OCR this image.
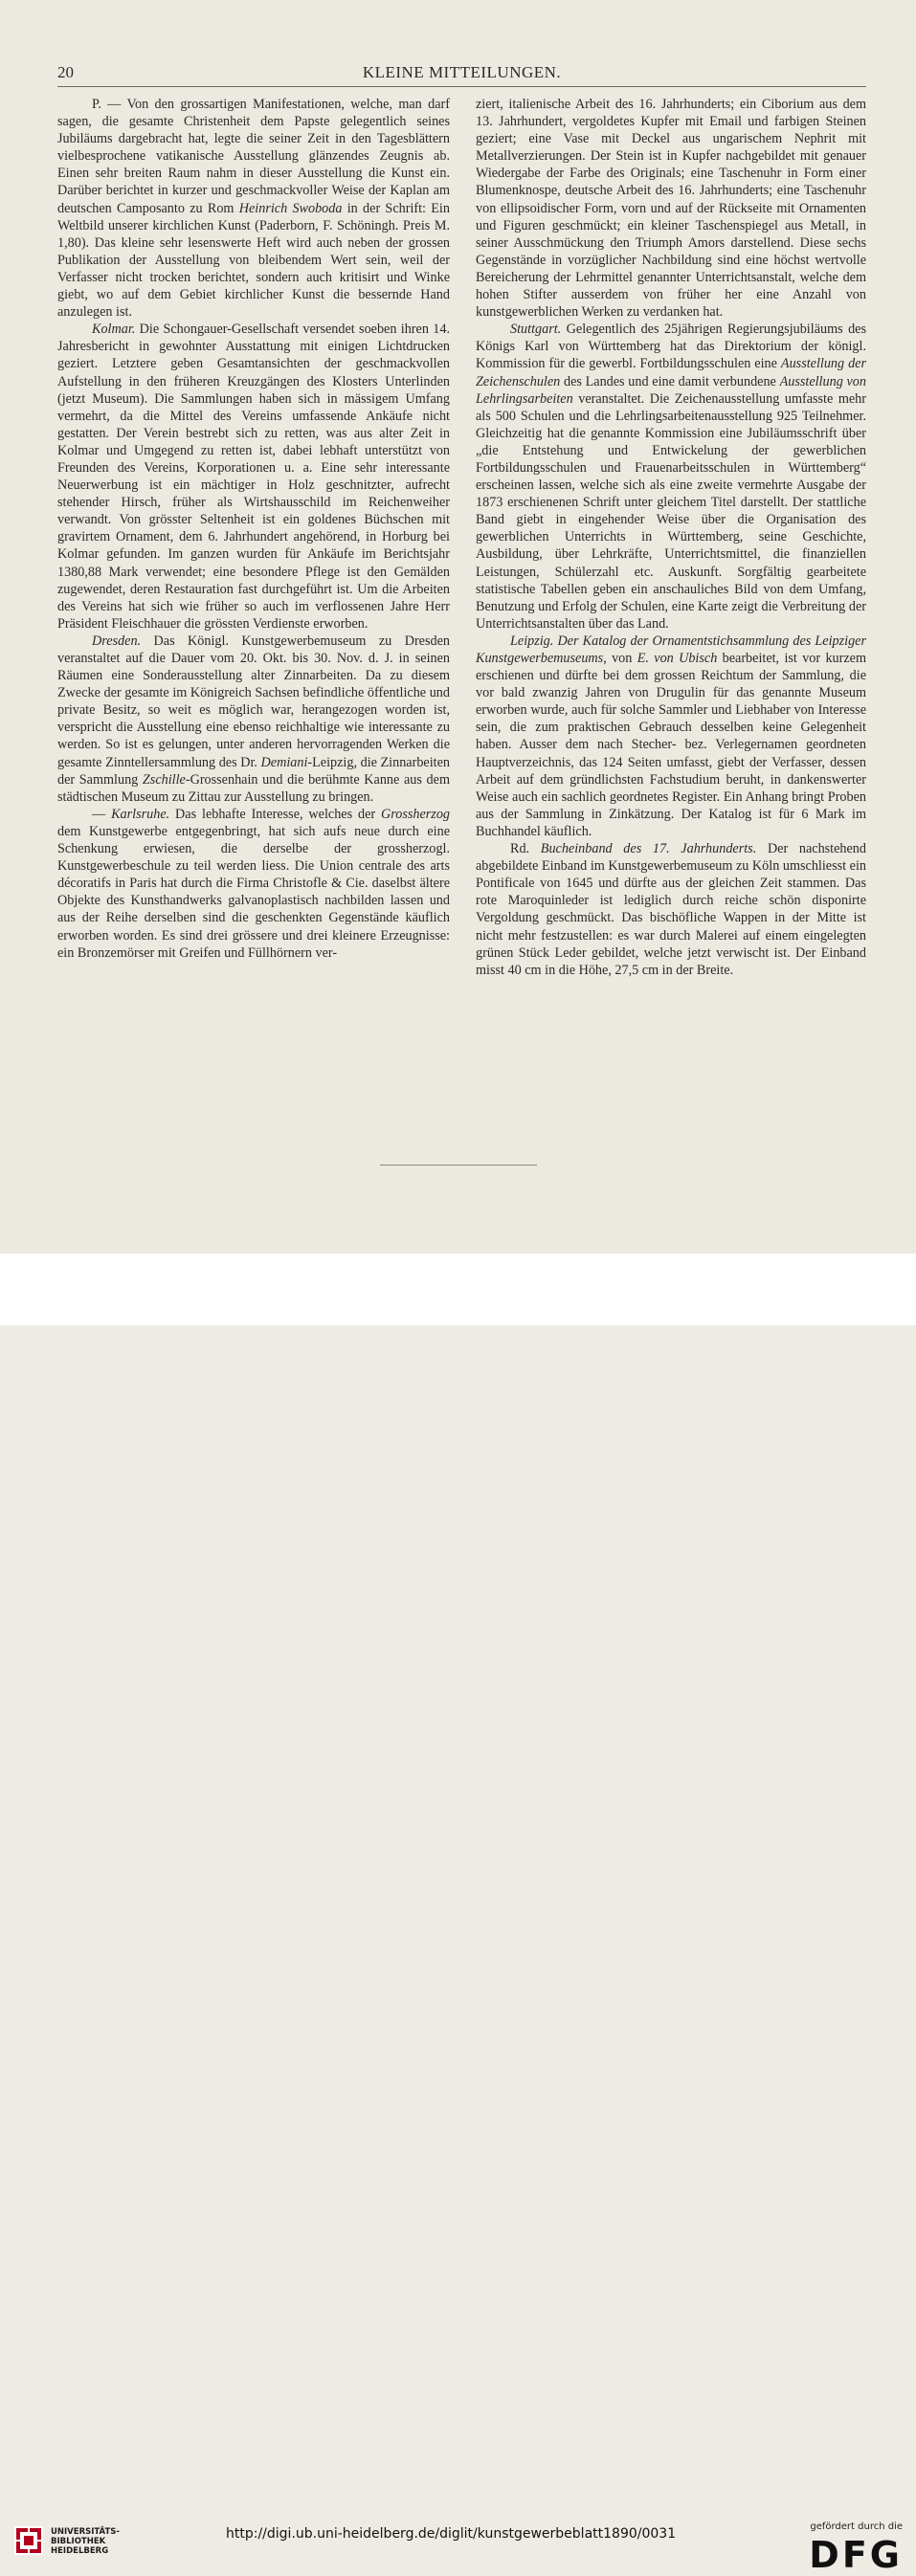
20	KLEINE MITTEILUNGEN.

P. — Von den grossartigen Manifestationen, welche, man darf sagen, die gesamte Christenheit dem Papste gelegentlich seines Jubiläums dargebracht hat, legte die seiner Zeit in den Tagesblättern vielbesprochene vatikanische Ausstellung glänzendes Zeugnis ab. Einen sehr breiten Raum nahm in dieser Ausstellung die Kunst ein. Darüber berichtet in kurzer und geschmackvoller Weise der Kaplan am deutschen Camposanto zu Rom Heinrich Swoboda in der Schrift: Ein Weltbild unserer kirchlichen Kunst (Paderborn, F. Schöningh. Preis M. 1,80). Das kleine sehr lesenswerte Heft wird auch neben der grossen Publikation der Ausstellung von bleibendem Wert sein, weil der Verfasser nicht trocken berichtet, sondern auch kritisirt und Winke giebt, wo auf dem Gebiet kirchlicher Kunst die bessernde Hand anzulegen ist.

Kolmar. Die Schongauer-Gesellschaft versendet soeben ihren 14. Jahresbericht in gewohnter Ausstattung mit einigen Lichtdrucken geziert. Letztere geben Gesamtansichten der geschmackvollen Aufstellung in den früheren Kreuzgängen des Klosters Unterlinden (jetzt Museum). Die Sammlungen haben sich in mässigem Umfang vermehrt, da die Mittel des Vereins umfassende Ankäufe nicht gestatten. Der Verein bestrebt sich zu retten, was aus alter Zeit in Kolmar und Umgegend zu retten ist, dabei lebhaft unterstützt von Freunden des Vereins, Korporationen u. a. Eine sehr interessante Neuerwerbung ist ein mächtiger in Holz geschnitzter, aufrecht stehender Hirsch, früher als Wirtshausschild im Reichenweiher verwandt. Von grösster Seltenheit ist ein goldenes Büchschen mit gravirtem Ornament, dem 6. Jahrhundert angehörend, in Horburg bei Kolmar gefunden. Im ganzen wurden für Ankäufe im Berichtsjahr 1380,88 Mark verwendet; eine besondere Pflege ist den Gemälden zugewendet, deren Restauration fast durchgeführt ist. Um die Arbeiten des Vereins hat sich wie früher so auch im verflossenen Jahre Herr Präsident Fleischhauer die grössten Verdienste erworben.

Dresden. Das Königl. Kunstgewerbemuseum zu Dresden veranstaltet auf die Dauer vom 20. Okt. bis 30. Nov. d. J. in seinen Räumen eine Sonderausstellung alter Zinnarbeiten. Da zu diesem Zwecke der gesamte im Königreich Sachsen befindliche öffentliche und private Besitz, so weit es möglich war, herangezogen worden ist, verspricht die Ausstellung eine ebenso reichhaltige wie interessante zu werden. So ist es gelungen, unter anderen hervorragenden Werken die gesamte Zinntellersammlung des Dr. Demiani-Leipzig, die Zinnarbeiten der Sammlung Zschille-Grossenhain und die berühmte Kanne aus dem städtischen Museum zu Zittau zur Ausstellung zu bringen.

— Karlsruhe. Das lebhafte Interesse, welches der Grossherzog dem Kunstgewerbe entgegenbringt, hat sich aufs neue durch eine Schenkung erwiesen, die derselbe der grossherzogl. Kunstgewerbeschule zu teil werden liess. Die Union centrale des arts décoratifs in Paris hat durch die Firma Christofle & Cie. daselbst ältere Objekte des Kunsthandwerks galvanoplastisch nachbilden lassen und aus der Reihe derselben sind die geschenkten Gegenstände käuflich erworben worden. Es sind drei grössere und drei kleinere Erzeugnisse: ein Bronzemörser mit Greifen und Füllhörnern ver-

ziert, italienische Arbeit des 16. Jahrhunderts; ein Ciborium aus dem 13. Jahrhundert, vergoldetes Kupfer mit Email und farbigen Steinen geziert; eine Vase mit Deckel aus ungarischem Nephrit mit Metallverzierungen. Der Stein ist in Kupfer nachgebildet mit genauer Wiedergabe der Farbe des Originals; eine Taschenuhr in Form einer Blumenknospe, deutsche Arbeit des 16. Jahrhunderts; eine Taschenuhr von ellipsoidischer Form, vorn und auf der Rückseite mit Ornamenten und Figuren geschmückt; ein kleiner Taschenspiegel aus Metall, in seiner Ausschmückung den Triumph Amors darstellend. Diese sechs Gegenstände in vorzüglicher Nachbildung sind eine höchst wertvolle Bereicherung der Lehrmittel genannter Unterrichtsanstalt, welche dem hohen Stifter ausserdem von früher her eine Anzahl von kunstgewerblichen Werken zu verdanken hat.

Stuttgart. Gelegentlich des 25jährigen Regierungsjubiläums des Königs Karl von Württemberg hat das Direktorium der königl. Kommission für die gewerbl. Fortbildungsschulen eine Ausstellung der Zeichenschulen des Landes und eine damit verbundene Ausstellung von Lehrlingsarbeiten veranstaltet. Die Zeichenausstellung umfasste mehr als 500 Schulen und die Lehrlingsarbeitenausstellung 925 Teilnehmer. Gleichzeitig hat die genannte Kommission eine Jubiläumsschrift über „die Entstehung und Entwickelung der gewerblichen Fortbildungsschulen und Frauenarbeitsschulen in Württemberg“ erscheinen lassen, welche sich als eine zweite vermehrte Ausgabe der 1873 erschienenen Schrift unter gleichem Titel darstellt. Der stattliche Band giebt in eingehender Weise über die Organisation des gewerblichen Unterrichts in Württemberg, seine Geschichte, Ausbildung, über Lehrkräfte, Unterrichtsmittel, die finanziellen Leistungen, Schülerzahl etc. Auskunft. Sorgfältig gearbeitete statistische Tabellen geben ein anschauliches Bild von dem Umfang, Benutzung und Erfolg der Schulen, eine Karte zeigt die Verbreitung der Unterrichtsanstalten über das Land.

Leipzig. Der Katalog der Ornamentstichsammlung des Leipziger Kunstgewerbemuseums, von E. von Ubisch bearbeitet, ist vor kurzem erschienen und dürfte bei dem grossen Reichtum der Sammlung, die vor bald zwanzig Jahren von Drugulin für das genannte Museum erworben wurde, auch für solche Sammler und Liebhaber von Interesse sein, die zum praktischen Gebrauch desselben keine Gelegenheit haben. Ausser dem nach Stecher- bez. Verlegernamen geordneten Hauptverzeichnis, das 124 Seiten umfasst, giebt der Verfasser, dessen Arbeit auf dem gründlichsten Fachstudium beruht, in dankenswerter Weise auch ein sachlich geordnetes Register. Ein Anhang bringt Proben aus der Sammlung in Zinkätzung. Der Katalog ist für 6 Mark im Buchhandel käuflich.

Rd. Bucheinband des 17. Jahrhunderts. Der nachstehend abgebildete Einband im Kunstgewerbemuseum zu Köln umschliesst ein Pontificale von 1645 und dürfte aus der gleichen Zeit stammen. Das rote Maroquinleder ist lediglich durch reiche schön disponirte Vergoldung geschmückt. Das bischöfliche Wappen in der Mitte ist nicht mehr festzustellen: es war durch Malerei auf einem eingelegten grünen Stück Leder gebildet, welche jetzt verwischt ist. Der Einband misst 40 cm in die Höhe, 27,5 cm in der Breite.

UNIVERSITÄTS-
BIBLIOTHEK
HEIDELBERG
http://digi.ub.uni-heidelberg.de/diglit/kunstgewerbeblatt1890/0031	gefördert durch die
DFG
